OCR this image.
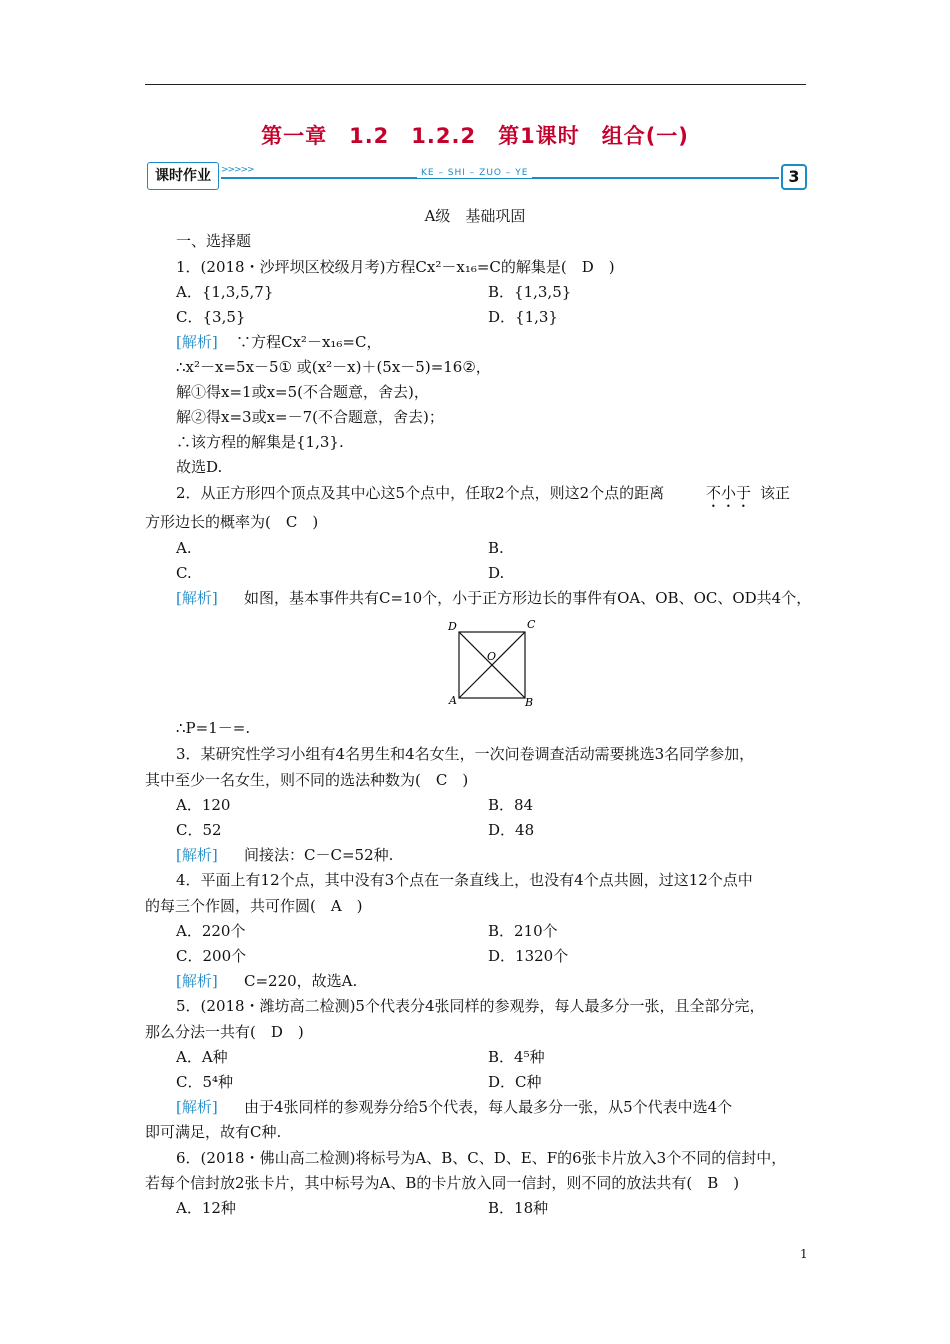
第一章　1.2　1.2.2　第1课时　组合(一)
课时作业	>>>>>	KE – SHI – ZUO – YE	3
A级　基础巩固
一、选择题
1．(2018・沙坪坝区校级月考)方程Cx²－x₁₆=C的解集是(　D　)
A．{1,3,5,7}	B．{1,3,5}
C．{3,5}	D．{1,3}
[解析] ∵方程Cx²－x₁₆=C，
∴x²－x=5x－5① 或(x²－x)＋(5x－5)=16②，
解①得x=1或x=5(不合题意，舍去)，
解②得x=3或x=－7(不合题意，舍去)；
∴该方程的解集是{1,3}.
故选D.
2．从正方形四个顶点及其中心这5个点中，任取2个点，则这2个点的距离	不小于 该正
方形边长的概率为(　C　)
A.	B.
C.	D.
[解析] 如图，基本事件共有C=10个，小于正方形边长的事件有OA、OB、OC、OD共4个，
∴P=1－=.
3．某研究性学习小组有4名男生和4名女生，一次问卷调查活动需要挑选3名同学参加，
其中至少一名女生，则不同的选法种数为(　C　)
A．120	B．84
C．52	D．48
[解析] 间接法：C－C=52种.
4．平面上有12个点，其中没有3个点在一条直线上，也没有4个点共圆，过这12个点中
的每三个作圆，共可作圆(　A　)
A．220个	B．210个
C．200个	D．1320个
[解析] C=220，故选A.
5．(2018・潍坊高二检测)5个代表分4张同样的参观券，每人最多分一张，且全部分完，
那么分法一共有(　D　)
A．A种	B．4⁵种
C．5⁴种	D．C种
[解析] 由于4张同样的参观券分给5个代表，每人最多分一张，从5个代表中选4个
即可满足，故有C种.
6．(2018・佛山高二检测)将标号为A、B、C、D、E、F的6张卡片放入3个不同的信封中，
若每个信封放2张卡片，其中标号为A、B的卡片放入同一信封，则不同的放法共有(　B　)
A．12种	B．18种
D	C
O
A	B
1
